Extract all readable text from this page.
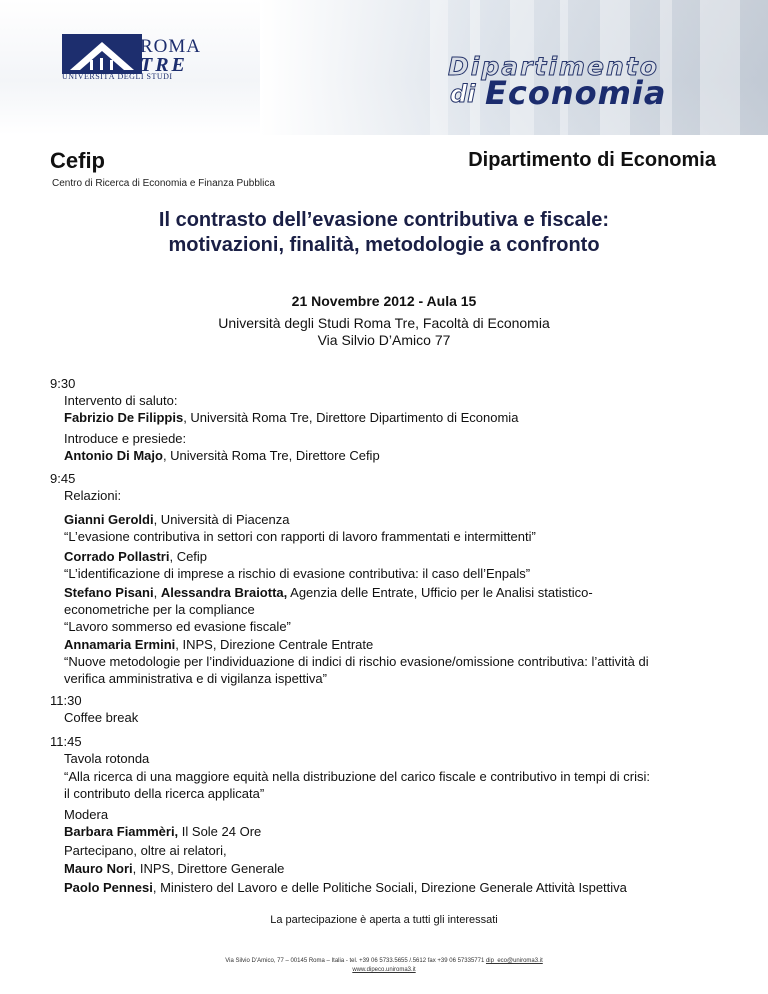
ROMA
TRE
UNIVERSITÀ DEGLI STUDI	Dipartimento
di Economia
Cefip
Centro di Ricerca di Economia e Finanza Pubblica
Dipartimento di Economia
Il contrasto dell’evasione contributiva e fiscale:
motivazioni, finalità, metodologie a confronto
21 Novembre 2012 - Aula 15
Università degli Studi Roma Tre, Facoltà di Economia
Via Silvio D’Amico 77
9:30
Intervento di saluto:
Fabrizio De Filippis, Università Roma Tre, Direttore Dipartimento di Economia
Introduce e presiede:
Antonio Di Majo, Università Roma Tre, Direttore Cefip
9:45
Relazioni:
Gianni Geroldi, Università di Piacenza
“L’evasione contributiva in settori con rapporti di lavoro frammentati e intermittenti”
Corrado Pollastri, Cefip
“L’identificazione di imprese a rischio di evasione contributiva: il caso dell’Enpals”
Stefano Pisani, Alessandra Braiotta, Agenzia delle Entrate, Ufficio per le Analisi statistico-
econometriche per la compliance
“Lavoro sommerso ed evasione fiscale”
Annamaria Ermini, INPS, Direzione Centrale Entrate
“Nuove metodologie per l’individuazione di indici di rischio evasione/omissione contributiva: l’attività di
verifica amministrativa e di vigilanza ispettiva”
11:30
Coffee break
11:45
Tavola rotonda
“Alla ricerca di una maggiore equità nella distribuzione del carico fiscale e contributivo in tempi di crisi:
il contributo della ricerca applicata”
Modera
Barbara Fiammèri, Il Sole 24 Ore
Partecipano, oltre ai relatori,
Mauro Nori, INPS, Direttore Generale
Paolo Pennesi, Ministero del Lavoro e delle Politiche Sociali, Direzione Generale Attività Ispettiva
La partecipazione è aperta a tutti gli interessati
Via Silvio D’Amico, 77 – 00145 Roma – Italia - tel. +39 06 5733.5655 /.5612 fax +39 06 57335771 dip_eco@uniroma3.it
www.dipeco.uniroma3.it
